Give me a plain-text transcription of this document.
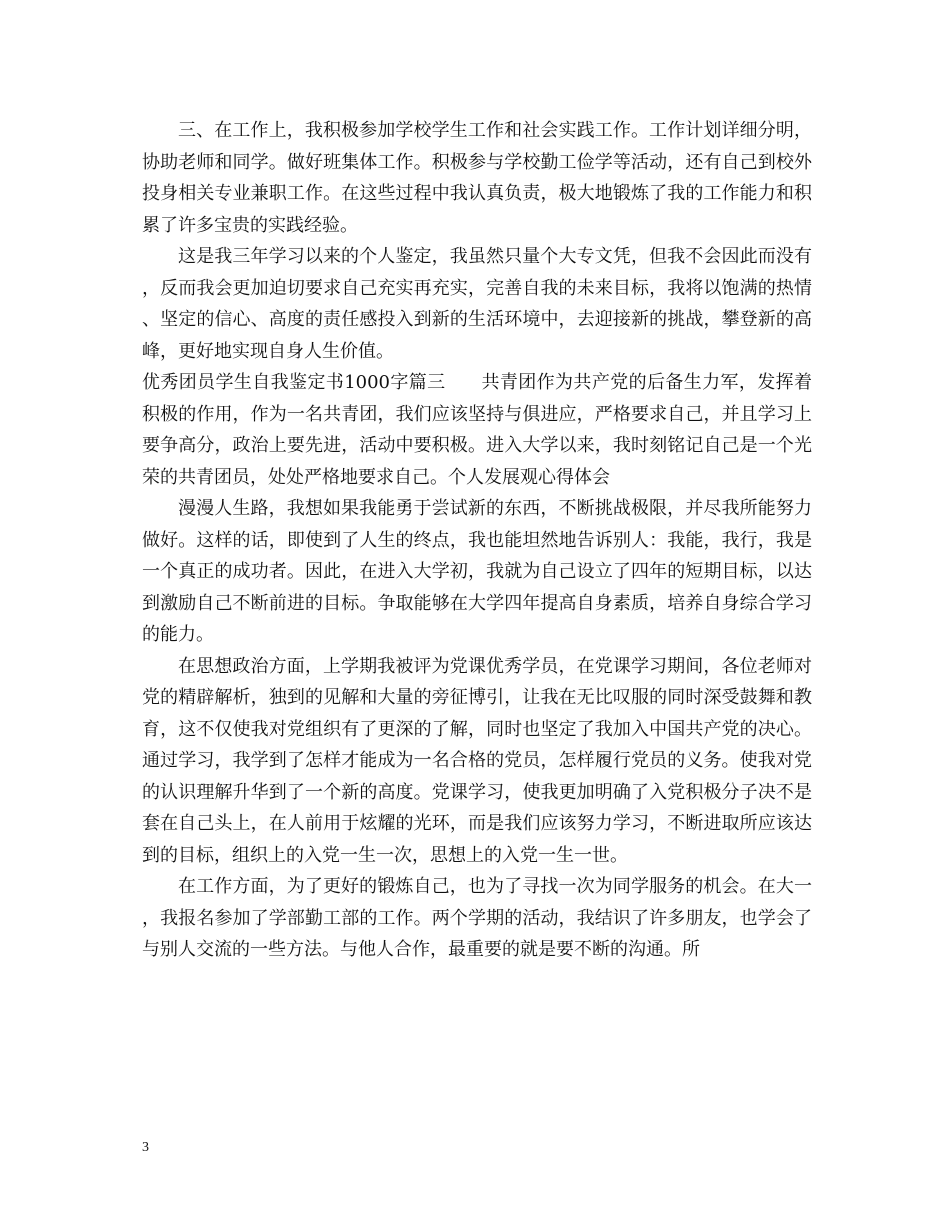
三、在工作上，我积极参加学校学生工作和社会实践工作。工作计划详细分明，协助老师和同学。做好班集体工作。积极参与学校勤工俭学等活动，还有自己到校外投身相关专业兼职工作。在这些过程中我认真负责，极大地锻炼了我的工作能力和积累了许多宝贵的实践经验。

这是我三年学习以来的个人鉴定，我虽然只量个大专文凭，但我不会因此而没有，反而我会更加迫切要求自己充实再充实，完善自我的未来目标，我将以饱满的热情、坚定的信心、高度的责任感投入到新的生活环境中，去迎接新的挑战，攀登新的高峰，更好地实现自身人生价值。

优秀团员学生自我鉴定书1000字篇三 共青团作为共产党的后备生力军，发挥着积极的作用，作为一名共青团，我们应该坚持与俱进应，严格要求自己，并且学习上要争高分，政治上要先进，活动中要积极。进入大学以来，我时刻铭记自己是一个光荣的共青团员，处处严格地要求自己。个人发展观心得体会

漫漫人生路，我想如果我能勇于尝试新的东西，不断挑战极限，并尽我所能努力做好。这样的话，即使到了人生的终点，我也能坦然地告诉别人：我能，我行，我是一个真正的成功者。因此，在进入大学初，我就为自己设立了四年的短期目标，以达到激励自己不断前进的目标。争取能够在大学四年提高自身素质，培养自身综合学习的能力。

在思想政治方面，上学期我被评为党课优秀学员，在党课学习期间，各位老师对党的精辟解析，独到的见解和大量的旁征博引，让我在无比叹服的同时深受鼓舞和教育，这不仅使我对党组织有了更深的了解，同时也坚定了我加入中国共产党的决心。通过学习，我学到了怎样才能成为一名合格的党员，怎样履行党员的义务。使我对党的认识理解升华到了一个新的高度。党课学习，使我更加明确了入党积极分子决不是套在自己头上，在人前用于炫耀的光环，而是我们应该努力学习，不断进取所应该达到的目标，组织上的入党一生一次，思想上的入党一生一世。

在工作方面，为了更好的锻炼自己，也为了寻找一次为同学服务的机会。在大一，我报名参加了学部勤工部的工作。两个学期的活动，我结识了许多朋友，也学会了与别人交流的一些方法。与他人合作，最重要的就是要不断的沟通。所

3
